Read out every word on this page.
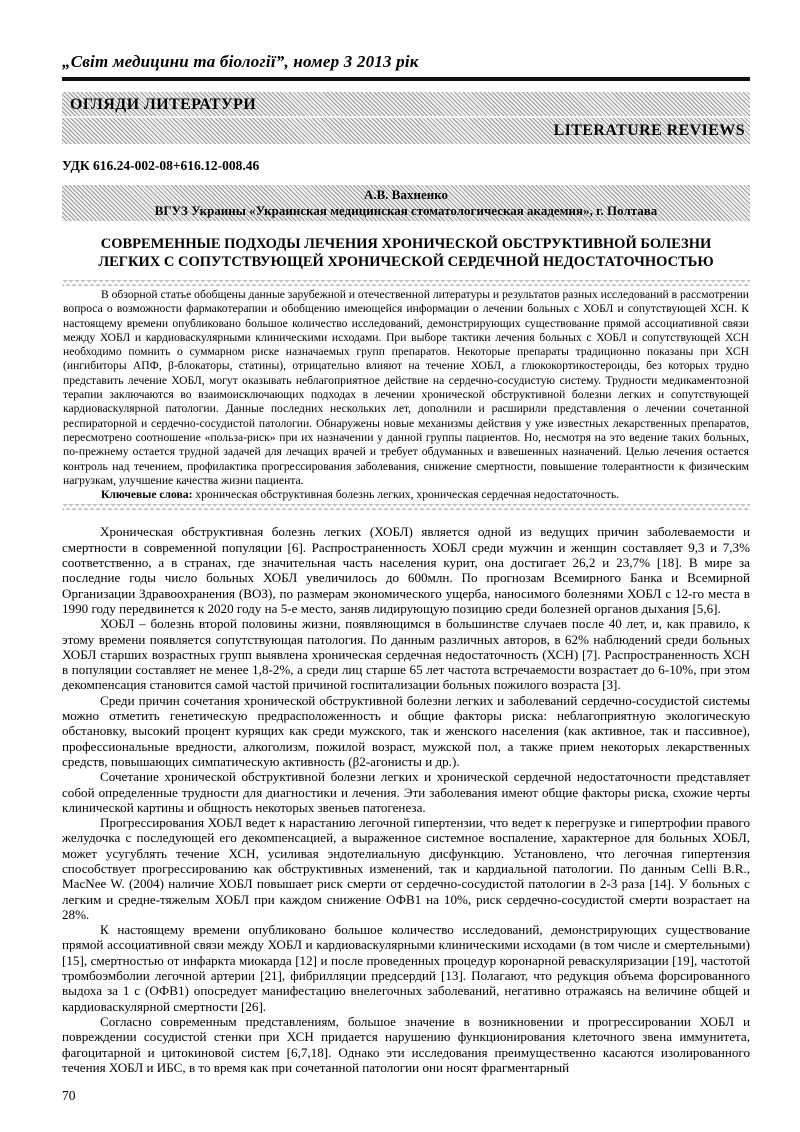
„Світ медицини та біології”, номер 3 2013 рік
ОГЛЯДИ ЛИТЕРАТУРИ
LITERATURE REVIEWS
УДК 616.24-002-08+616.12-008.46
А.В. Вахненко
ВГУЗ Украины «Украинская медицинская стоматологическая академия», г. Полтава
СОВРЕМЕННЫЕ ПОДХОДЫ ЛЕЧЕНИЯ ХРОНИЧЕСКОЙ ОБСТРУКТИВНОЙ БОЛЕЗНИ ЛЕГКИХ С СОПУТСТВУЮЩЕЙ ХРОНИЧЕСКОЙ СЕРДЕЧНОЙ НЕДОСТАТОЧНОСТЬЮ

В обзорной статье обобщены данные зарубежной и отечественной литературы и результатов разных исследований в рассмотрении вопроса о возможности фармакотерапии и обобщению имеющейся информации о лечении больных с ХОБЛ и сопутствующей ХСН. К настоящему времени опубликовано большое количество исследований, демонстрирующих существование прямой ассоциативной связи между ХОБЛ и кардиоваскулярными клиническими исходами. При выборе тактики лечения больных с ХОБЛ и сопутствующей ХСН необходимо помнить о суммарном риске назначаемых групп препаратов. Некоторые препараты традиционно показаны при ХСН (ингибиторы АПФ, β-блокаторы, статины), отрицательно влияют на течение ХОБЛ, а глюкокортикостероиды, без которых трудно представить лечение ХОБЛ, могут оказывать неблагоприятное действие на сердечно-сосудистую систему. Трудности медикаментозной терапии заключаются во взаимоисключающих подходах в лечении хронической обструктивной болезни легких и сопутствующей кардиоваскулярной патологии. Данные последних нескольких лет, дополнили и расширили представления о лечении сочетанной респираторной и сердечно-сосудистой патологии. Обнаружены новые механизмы действия у уже известных лекарственных препаратов, пересмотрено соотношение «польза-риск» при их назначении у данной группы пациентов. Но, несмотря на это ведение таких больных, по-прежнему остается трудной задачей для лечащих врачей и требует обдуманных и взвешенных назначений. Целью лечения остается контроль над течением, профилактика прогрессирования заболевания, снижение смертности, повышение толерантности к физическим нагрузкам, улучшение качества жизни пациента.

Ключевые слова: хроническая обструктивная болезнь легких, хроническая сердечная недостаточность.

Хроническая обструктивная болезнь легких (ХОБЛ) является одной из ведущих причин заболеваемости и смертности в современной популяции [6]. Распространенность ХОБЛ среди мужчин и женщин составляет 9,3 и 7,3% соответственно, а в странах, где значительная часть населения курит, она достигает 26,2 и 23,7% [18]. В мире за последние годы число больных ХОБЛ увеличилось до 600млн. По прогнозам Всемирного Банка и Всемирной Организации Здравоохранения (ВОЗ), по размерам экономического ущерба, наносимого болезнями ХОБЛ с 12-го места в 1990 году передвинется к 2020 году на 5-е место, заняв лидирующую позицию среди болезней органов дыхания [5,6].

ХОБЛ – болезнь второй половины жизни, появляющимся в большинстве случаев после 40 лет, и, как правило, к этому времени появляется сопутствующая патология. По данным различных авторов, в 62% наблюдений среди больных ХОБЛ старших возрастных групп выявлена хроническая сердечная недостаточность (ХСН) [7]. Распространенность ХСН в популяции составляет не менее 1,8-2%, а среди лиц старше 65 лет частота встречаемости возрастает до 6-10%, при этом декомпенсация становится самой частой причиной госпитализации больных пожилого возраста [3].

Среди причин сочетания хронической обструктивной болезни легких и заболеваний сердечно-сосудистой системы можно отметить генетическую предрасположенность и общие факторы риска: неблагоприятную экологическую обстановку, высокий процент курящих как среди мужского, так и женского населения (как активное, так и пассивное), профессиональные вредности, алкоголизм, пожилой возраст, мужской пол, а также прием некоторых лекарственных средств, повышающих симпатическую активность (β2-агонисты и др.).

Сочетание хронической обструктивной болезни легких и хронической сердечной недостаточности представляет собой определенные трудности для диагностики и лечения. Эти заболевания имеют общие факторы риска, схожие черты клинической картины и общность некоторых звеньев патогенеза.

Прогрессирования ХОБЛ ведет к нарастанию легочной гипертензии, что ведет к перегрузке и гипертрофии правого желудочка с последующей его декомпенсацией, а выраженное системное воспаление, характерное для больных ХОБЛ, может усугублять течение ХСН, усиливая эндотелиальную дисфункцию. Установлено, что легочная гипертензия способствует прогрессированию как обструктивных изменений, так и кардиальной патологии. По данным Celli B.R., MacNee W. (2004) наличие ХОБЛ повышает риск смерти от сердечно-сосудистой патологии в 2-3 раза [14]. У больных с легким и средне-тяжелым ХОБЛ при каждом снижение ОФВ1 на 10%, риск сердечно-сосудистой смерти возрастает на 28%.

К настоящему времени опубликовано большое количество исследований, демонстрирующих существование прямой ассоциативной связи между ХОБЛ и кардиоваскулярными клиническими исходами (в том числе и смертельными) [15], смертностью от инфаркта миокарда [12] и после проведенных процедур коронарной реваскуляризации [19], частотой тромбоэмболии легочной артерии [21], фибрилляции предсердий [13]. Полагают, что редукция объема форсированного выдоха за 1 с (ОФВ1) опосредует манифестацию внелегочных заболеваний, негативно отражаясь на величине общей и кардиоваскулярной смертности [26].

Согласно современным представлениям, большое значение в возникновении и прогрессировании ХОБЛ и повреждении сосудистой стенки при ХСН придается нарушению функционирования клеточного звена иммунитета, фагоцитарной и цитокиновой систем [6,7,18]. Однако эти исследования преимущественно касаются изолированного течения ХОБЛ и ИБС, в то время как при сочетанной патологии они носят фрагментарный

70
